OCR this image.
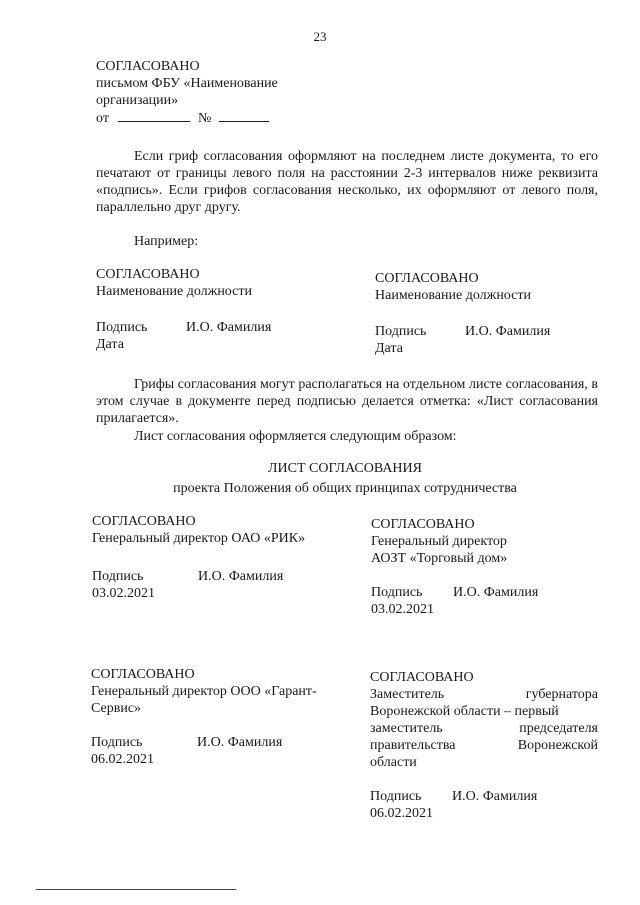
23
СОГЛАСОВАНО
письмом ФБУ «Наименование
организации»
от	№
Если гриф согласования оформляют на последнем листе документа, то его печатают от границы левого поля на расстоянии 2-3 интервалов ниже реквизита «подпись». Если грифов согласования несколько, их оформляют от левого поля, параллельно друг другу.
Например:
СОГЛАСОВАНО
Наименование должности
Подпись	И.О. Фамилия
Дата
СОГЛАСОВАНО
Наименование должности
Подпись	И.О. Фамилия
Дата
Грифы согласования могут располагаться на отдельном листе согласования, в этом случае в документе перед подписью делается отметка: «Лист согласования прилагается».
Лист согласования оформляется следующим образом:
ЛИСТ СОГЛАСОВАНИЯ
проекта Положения об общих принципах сотрудничества
СОГЛАСОВАНО
Генеральный директор ОАО «РИК»
Подпись	И.О. Фамилия
03.02.2021
СОГЛАСОВАНО
Генеральный директор
АОЗТ «Торговый дом»
Подпись	И.О. Фамилия
03.02.2021
СОГЛАСОВАНО
Генеральный директор ООО «Гарант-
Сервис»
Подпись	И.О. Фамилия
06.02.2021
СОГЛАСОВАНО
Заместитель	губернатора
Воронежской области – первый
заместитель	председателя
правительства	Воронежской
области
Подпись	И.О. Фамилия
06.02.2021
